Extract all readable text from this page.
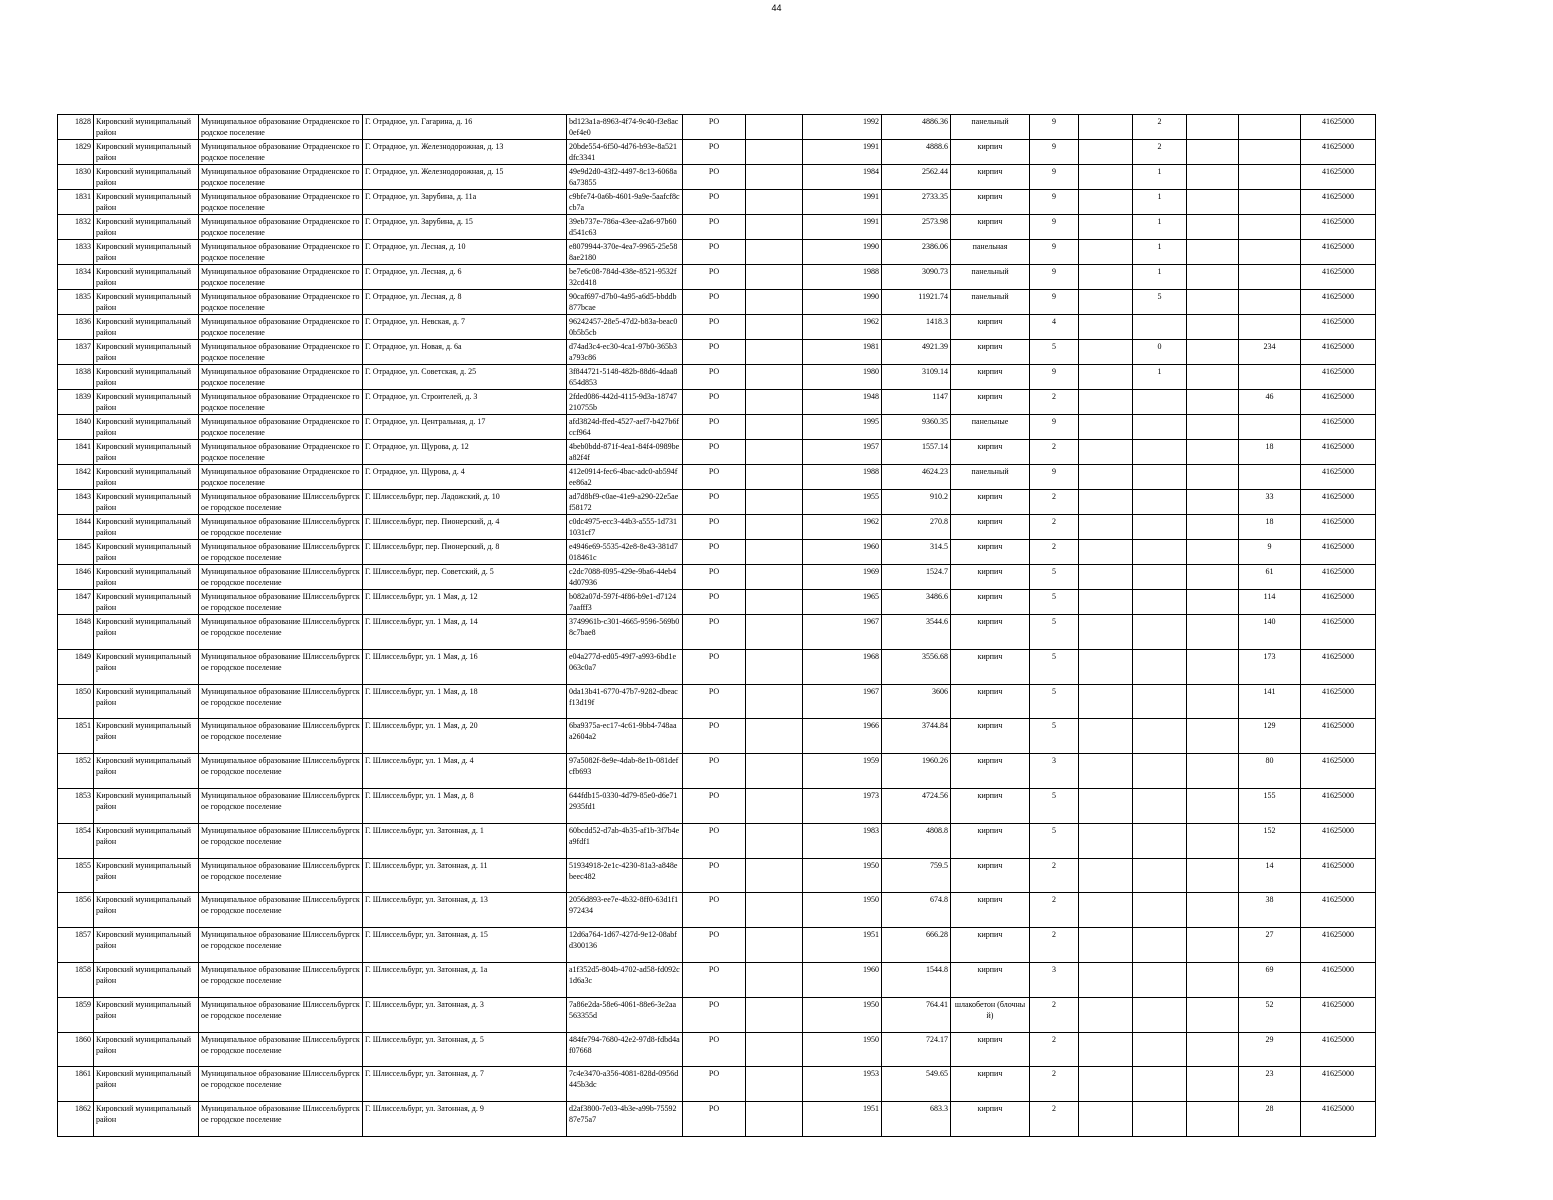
44
1828	Кировский муниципальный район	Муниципальное образование Отрадненское городское поселение	Г. Отрадное, ул. Гагарина, д. 16	bd123a1a-8963-4f74-9c40-f3e8ac0ef4e0	РО		1992	4886.36	панельный	9		2			41625000
1829	Кировский муниципальный район	Муниципальное образование Отрадненское городское поселение	Г. Отрадное, ул. Железнодорожная, д. 13	20bde554-6f50-4d76-b93e-8a521dfc3341	РО		1991	4888.6	кирпич	9		2			41625000
1830	Кировский муниципальный район	Муниципальное образование Отрадненское городское поселение	Г. Отрадное, ул. Железнодорожная, д. 15	49e9d2d0-43f2-4497-8c13-6068a6a73855	РО		1984	2562.44	кирпич	9		1			41625000
1831	Кировский муниципальный район	Муниципальное образование Отрадненское городское поселение	Г. Отрадное, ул. Зарубина, д. 11а	c9bfe74-0a6b-4601-9a9e-5aafcf8ccb7a	РО		1991	2733.35	кирпич	9		1			41625000
1832	Кировский муниципальный район	Муниципальное образование Отрадненское городское поселение	Г. Отрадное, ул. Зарубина, д. 15	39eb737e-786a-43ee-a2a6-97b60d541c63	РО		1991	2573.98	кирпич	9		1			41625000
1833	Кировский муниципальный район	Муниципальное образование Отрадненское городское поселение	Г. Отрадное, ул. Лесная, д. 10	e8079944-370e-4ea7-9965-25e588ae2180	РО		1990	2386.06	панельная	9		1			41625000
1834	Кировский муниципальный район	Муниципальное образование Отрадненское городское поселение	Г. Отрадное, ул. Лесная, д. 6	be7e6c08-784d-438e-8521-9532f32cd418	РО		1988	3090.73	панельный	9		1			41625000
1835	Кировский муниципальный район	Муниципальное образование Отрадненское городское поселение	Г. Отрадное, ул. Лесная, д. 8	90caf697-d7b0-4a95-a6d5-bbddb877bcae	РО		1990	11921.74	панельный	9		5			41625000
1836	Кировский муниципальный район	Муниципальное образование Отрадненское городское поселение	Г. Отрадное, ул. Невская, д. 7	96242457-28e5-47d2-b83a-beac00b5b5cb	РО		1962	1418.3	кирпич	4					41625000
1837	Кировский муниципальный район	Муниципальное образование Отрадненское городское поселение	Г. Отрадное, ул. Новая, д. 6а	d74ad3c4-ec30-4ca1-97b0-365b3a793c86	РО		1981	4921.39	кирпич	5		0		234	41625000
1838	Кировский муниципальный район	Муниципальное образование Отрадненское городское поселение	Г. Отрадное, ул. Советская, д. 25	3f844721-5148-482b-88d6-4daa8654d853	РО		1980	3109.14	кирпич	9		1			41625000
1839	Кировский муниципальный район	Муниципальное образование Отрадненское городское поселение	Г. Отрадное, ул. Строителей, д. 3	2fded086-442d-4115-9d3a-18747210755b	РО		1948	1147	кирпич	2				46	41625000
1840	Кировский муниципальный район	Муниципальное образование Отрадненское городское поселение	Г. Отрадное, ул. Центральная, д. 17	afd3824d-ffed-4527-aef7-b427b6fccf964	РО		1995	9360.35	панельные	9					41625000
1841	Кировский муниципальный район	Муниципальное образование Отрадненское городское поселение	Г. Отрадное, ул. Щурова, д. 12	4beb0bdd-871f-4ea1-84f4-0989bea82f4f	РО		1957	1557.14	кирпич	2				18	41625000
1842	Кировский муниципальный район	Муниципальное образование Отрадненское городское поселение	Г. Отрадное, ул. Щурова, д. 4	412e0914-fec6-4bac-adc0-ab594fee86a2	РО		1988	4624.23	панельный	9					41625000
1843	Кировский муниципальный район	Муниципальное образование Шлиссельбургское городское поселение	Г. Шлиссельбург, пер. Ладожский, д. 10	ad7d8bf9-c0ae-41e9-a290-22e5aef58172	РО		1955	910.2	кирпич	2				33	41625000
1844	Кировский муниципальный район	Муниципальное образование Шлиссельбургское городское поселение	Г. Шлиссельбург, пер. Пионерский, д. 4	c0dc4975-ecc3-44b3-a555-1d7311031cf7	РО		1962	270.8	кирпич	2				18	41625000
1845	Кировский муниципальный район	Муниципальное образование Шлиссельбургское городское поселение	Г. Шлиссельбург, пер. Пионерский, д. 8	e4946e69-5535-42e8-8e43-381d7018461c	РО		1960	314.5	кирпич	2				9	41625000
1846	Кировский муниципальный район	Муниципальное образование Шлиссельбургское городское поселение	Г. Шлиссельбург, пер. Советский, д. 5	c2dc7088-f095-429e-9ba6-44eb44d07936	РО		1969	1524.7	кирпич	5				61	41625000
1847	Кировский муниципальный район	Муниципальное образование Шлиссельбургское городское поселение	Г. Шлиссельбург, ул. 1 Мая, д. 12	b082a07d-597f-4f86-b9e1-d71247aafff3	РО		1965	3486.6	кирпич	5				114	41625000
1848	Кировский муниципальный район	Муниципальное образование Шлиссельбургское городское поселение	Г. Шлиссельбург, ул. 1 Мая, д. 14	3749961b-c301-4665-9596-569b08c7bae8	РО		1967	3544.6	кирпич	5				140	41625000
1849	Кировский муниципальный район	Муниципальное образование Шлиссельбургское городское поселение	Г. Шлиссельбург, ул. 1 Мая, д. 16	e04a277d-ed05-49f7-a993-6bd1e063c0a7	РО		1968	3556.68	кирпич	5				173	41625000
1850	Кировский муниципальный район	Муниципальное образование Шлиссельбургское городское поселение	Г. Шлиссельбург, ул. 1 Мая, д. 18	0da13b41-6770-47b7-9282-dbeacf13d19f	РО		1967	3606	кирпич	5				141	41625000
1851	Кировский муниципальный район	Муниципальное образование Шлиссельбургское городское поселение	Г. Шлиссельбург, ул. 1 Мая, д. 20	6ba9375a-ec17-4c61-9bb4-748aaa2604a2	РО		1966	3744.84	кирпич	5				129	41625000
1852	Кировский муниципальный район	Муниципальное образование Шлиссельбургское городское поселение	Г. Шлиссельбург, ул. 1 Мая, д. 4	97a5082f-8e9e-4dab-8e1b-081defcfb693	РО		1959	1960.26	кирпич	3				80	41625000
1853	Кировский муниципальный район	Муниципальное образование Шлиссельбургское городское поселение	Г. Шлиссельбург, ул. 1 Мая, д. 8	644fdb15-0330-4d79-85e0-d6e712935fd1	РО		1973	4724.56	кирпич	5				155	41625000
1854	Кировский муниципальный район	Муниципальное образование Шлиссельбургское городское поселение	Г. Шлиссельбург, ул. Затонная, д. 1	60bcdd52-d7ab-4b35-af1b-3f7b4ea9fdf1	РО		1983	4808.8	кирпич	5				152	41625000
1855	Кировский муниципальный район	Муниципальное образование Шлиссельбургское городское поселение	Г. Шлиссельбург, ул. Затонная, д. 11	51934918-2e1c-4230-81a3-a848ebeec482	РО		1950	759.5	кирпич	2				14	41625000
1856	Кировский муниципальный район	Муниципальное образование Шлиссельбургское городское поселение	Г. Шлиссельбург, ул. Затонная, д. 13	2056d893-ee7e-4b32-8ff0-63d1f1972434	РО		1950	674.8	кирпич	2				38	41625000
1857	Кировский муниципальный район	Муниципальное образование Шлиссельбургское городское поселение	Г. Шлиссельбург, ул. Затонная, д. 15	12d6a764-1d67-427d-9e12-08abfd300136	РО		1951	666.28	кирпич	2				27	41625000
1858	Кировский муниципальный район	Муниципальное образование Шлиссельбургское городское поселение	Г. Шлиссельбург, ул. Затонная, д. 1а	a1f352d5-804b-4702-ad58-fd092c1d6a3c	РО		1960	1544.8	кирпич	3				69	41625000
1859	Кировский муниципальный район	Муниципальное образование Шлиссельбургское городское поселение	Г. Шлиссельбург, ул. Затонная, д. 3	7a86e2da-58e6-4061-88e6-3e2aa563355d	РО		1950	764.41	шлакобетон (блочный)	2				52	41625000
1860	Кировский муниципальный район	Муниципальное образование Шлиссельбургское городское поселение	Г. Шлиссельбург, ул. Затонная, д. 5	484fe794-7680-42e2-97d8-fdbd4af07668	РО		1950	724.17	кирпич	2				29	41625000
1861	Кировский муниципальный район	Муниципальное образование Шлиссельбургское городское поселение	Г. Шлиссельбург, ул. Затонная, д. 7	7c4e3470-a356-4081-828d-0956d445b3dc	РО		1953	549.65	кирпич	2				23	41625000
1862	Кировский муниципальный район	Муниципальное образование Шлиссельбургское городское поселение	Г. Шлиссельбург, ул. Затонная, д. 9	d2af3800-7e03-4b3e-a99b-7559287e75a7	РО		1951	683.3	кирпич	2				28	41625000
